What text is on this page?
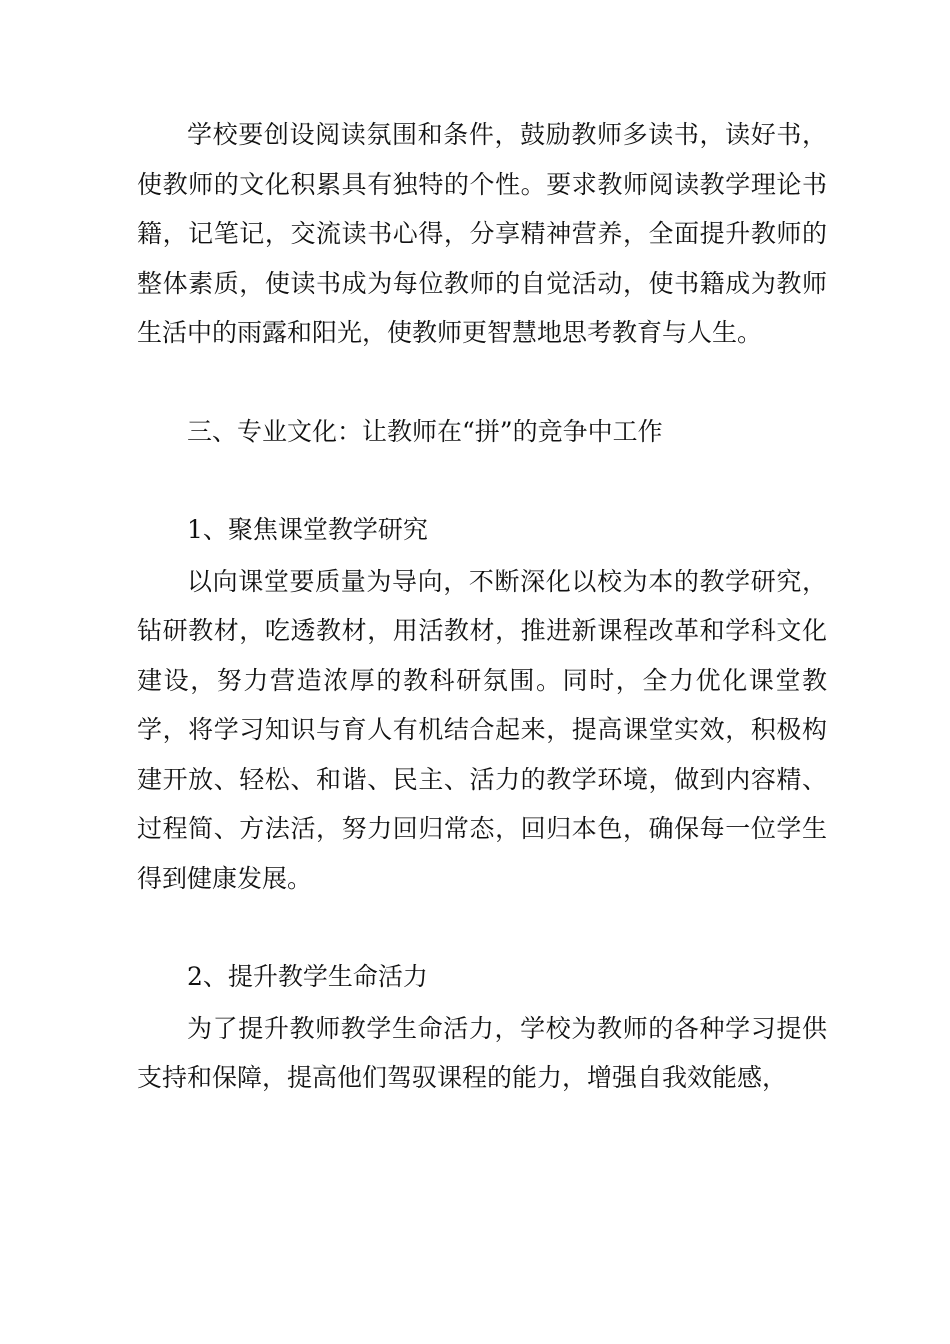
学校要创设阅读氛围和条件，鼓励教师多读书，读好书，使教师的文化积累具有独特的个性。要求教师阅读教学理论书籍，记笔记，交流读书心得，分享精神营养，全面提升教师的整体素质，使读书成为每位教师的自觉活动，使书籍成为教师生活中的雨露和阳光，使教师更智慧地思考教育与人生。

三、专业文化：让教师在“拼”的竞争中工作

1、聚焦课堂教学研究

以向课堂要质量为导向，不断深化以校为本的教学研究，钻研教材，吃透教材，用活教材，推进新课程改革和学科文化建设，努力营造浓厚的教科研氛围。同时，全力优化课堂教学，将学习知识与育人有机结合起来，提高课堂实效，积极构建开放、轻松、和谐、民主、活力的教学环境，做到内容精、过程简、方法活，努力回归常态，回归本色，确保每一位学生得到健康发展。

2、提升教学生命活力

为了提升教师教学生命活力，学校为教师的各种学习提供支持和保障，提高他们驾驭课程的能力，增强自我效能感，
